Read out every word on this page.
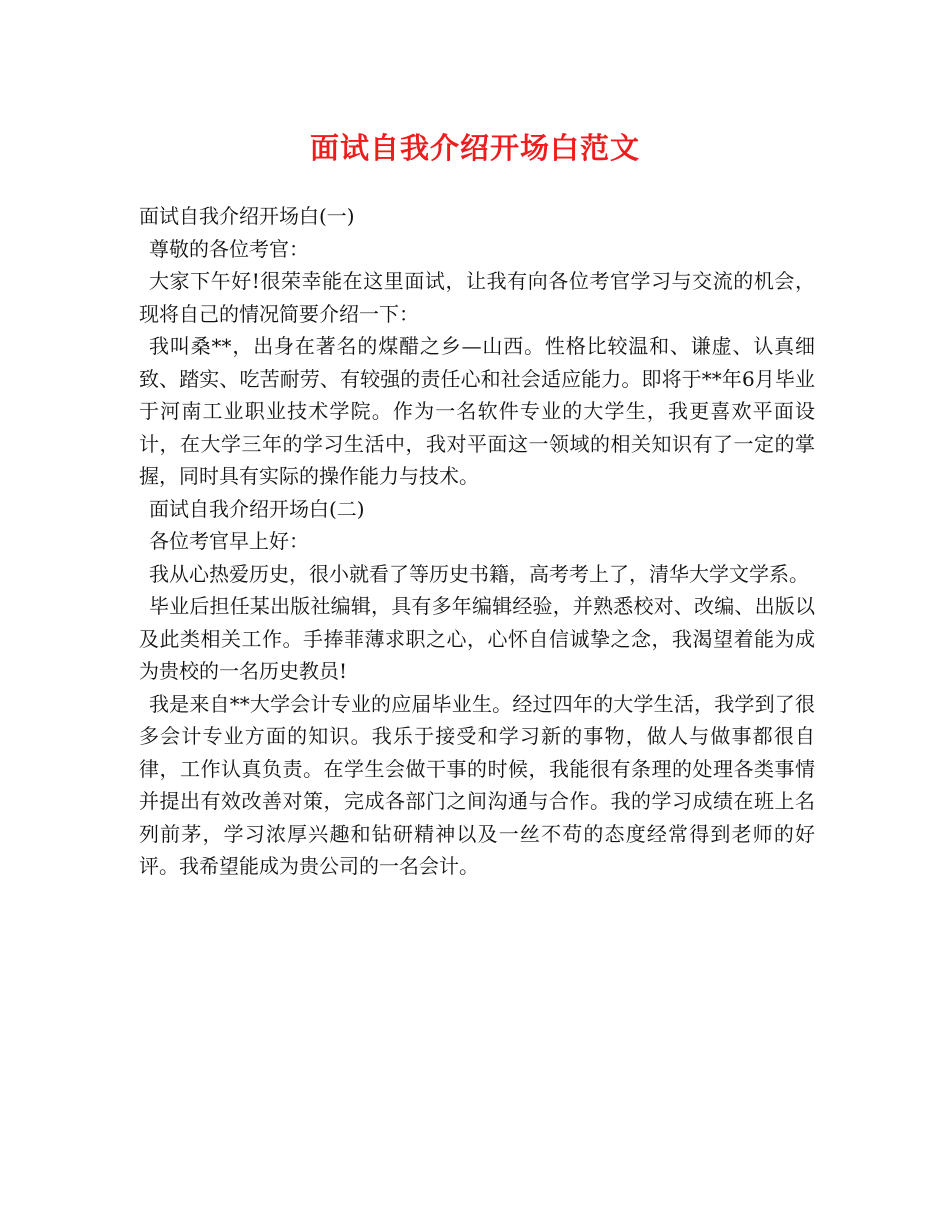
面试自我介绍开场白范文

面试自我介绍开场白(一)

尊敬的各位考官：

大家下午好!很荣幸能在这里面试，让我有向各位考官学习与交流的机会，现将自己的情况简要介绍一下：

我叫桑**，出身在著名的煤醋之乡—山西。性格比较温和、谦虚、认真细致、踏实、吃苦耐劳、有较强的责任心和社会适应能力。即将于**年6月毕业于河南工业职业技术学院。作为一名软件专业的大学生，我更喜欢平面设计，在大学三年的学习生活中，我对平面这一领域的相关知识有了一定的掌握，同时具有实际的操作能力与技术。

面试自我介绍开场白(二)

各位考官早上好：

我从心热爱历史，很小就看了等历史书籍，高考考上了，清华大学文学系。

毕业后担任某出版社编辑，具有多年编辑经验，并熟悉校对、改编、出版以及此类相关工作。手捧菲薄求职之心，心怀自信诚挚之念，我渴望着能为成为贵校的一名历史教员!

我是来自**大学会计专业的应届毕业生。经过四年的大学生活，我学到了很多会计专业方面的知识。我乐于接受和学习新的事物，做人与做事都很自律，工作认真负责。在学生会做干事的时候，我能很有条理的处理各类事情并提出有效改善对策，完成各部门之间沟通与合作。我的学习成绩在班上名列前茅，学习浓厚兴趣和钻研精神以及一丝不苟的态度经常得到老师的好评。我希望能成为贵公司的一名会计。
